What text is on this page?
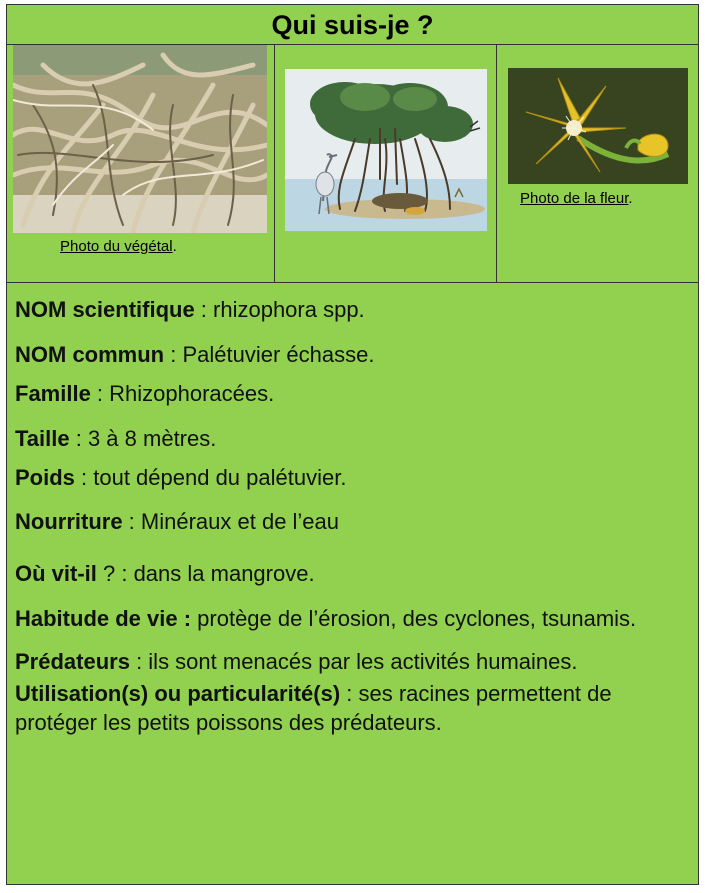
Qui suis-je ?
Photo du végétal.
Photo de la fleur.

NOM scientifique : rhizophora spp.

NOM commun : Palétuvier échasse.

Famille : Rhizophoracées.

Taille : 3 à 8 mètres.

Poids : tout dépend du palétuvier.

Nourriture : Minéraux et de l’eau

Où vit-il ? : dans la mangrove.

Habitude de vie : protège de l’érosion, des cyclones, tsunamis.

Prédateurs : ils sont menacés par les activités humaines.

Utilisation(s) ou particularité(s) : ses racines permettent de protéger les petits poissons des prédateurs.
